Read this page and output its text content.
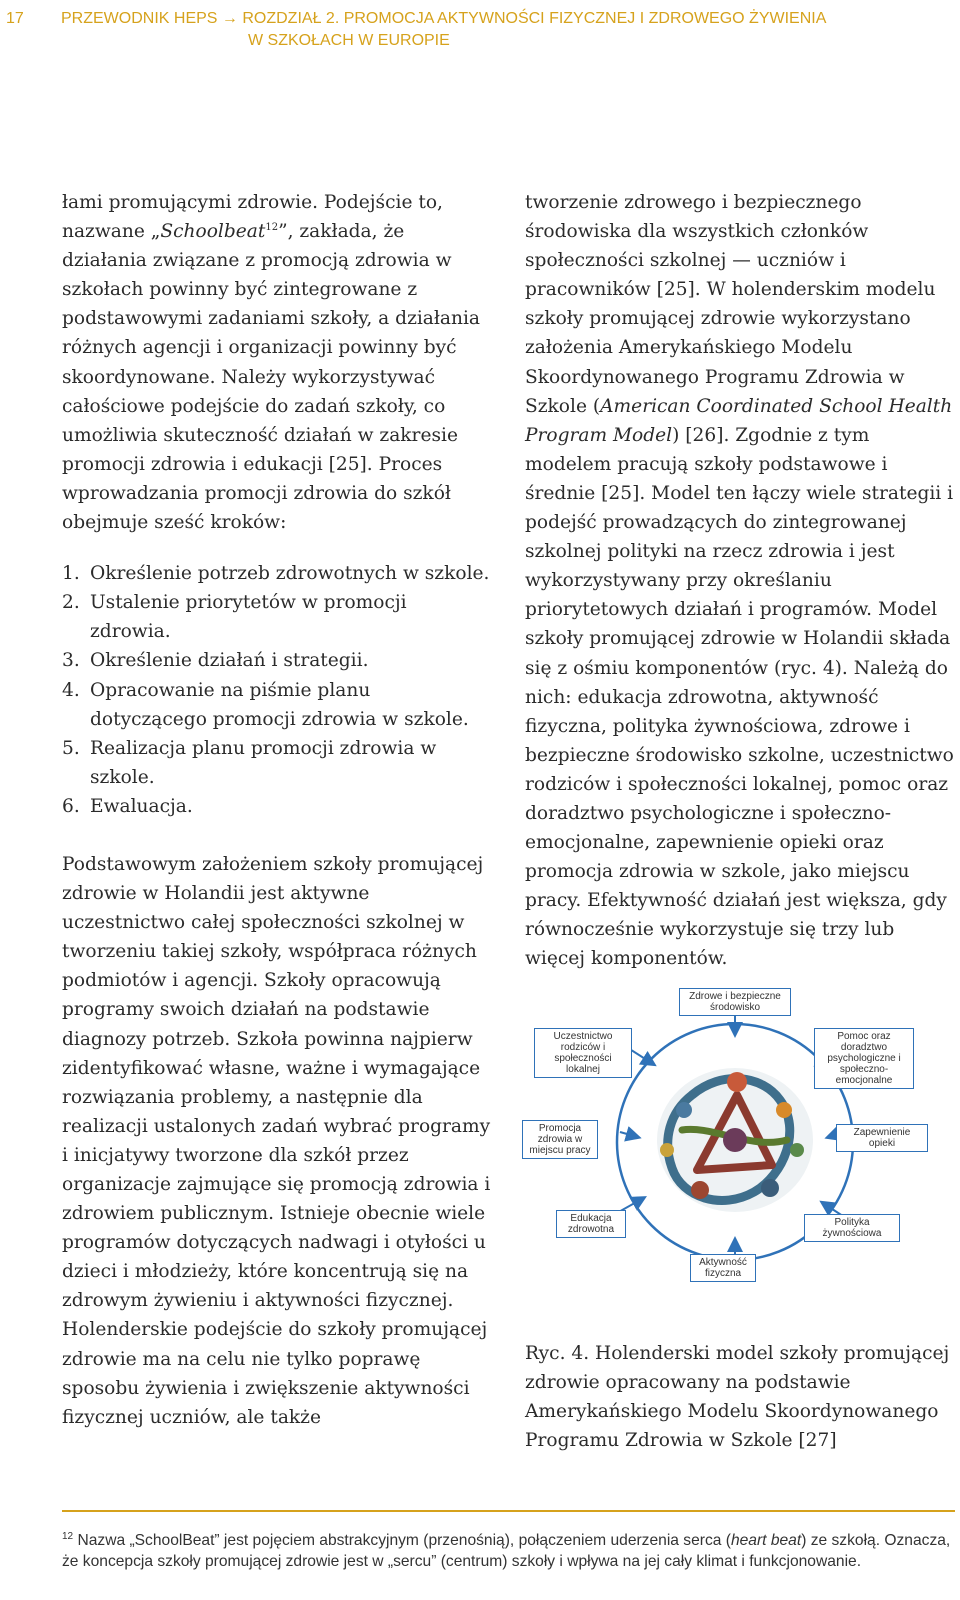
17 PRZEWODNIK HEPS → ROZDZIAŁ 2. PROMOCJA AKTYWNOŚCI FIZYCZNEJ I ZDROWEGO ŻYWIENIA
W SZKOŁACH W EUROPIE

łami promującymi zdrowie. Podejście to, nazwane „Schoolbeat$^{12}$”, zakłada, że działania związane z promocją zdrowia w szkołach powinny być zintegrowane z podstawowymi zadaniami szkoły, a działania różnych agencji i organizacji powinny być skoordynowane. Należy wykorzystywać całościowe podejście do zadań szkoły, co umożliwia skuteczność działań w zakresie promocji zdrowia i edukacji [25]. Proces wprowadzania promocji zdrowia do szkół obejmuje sześć kroków:

1. Określenie potrzeb zdrowotnych w szkole.
2. Ustalenie priorytetów w promocji zdrowia.
3. Określenie działań i strategii.
4. Opracowanie na piśmie planu dotyczącego promocji zdrowia w szkole.
5. Realizacja planu promocji zdrowia w szkole.
6. Ewaluacja.

Podstawowym założeniem szkoły promującej zdrowie w Holandii jest aktywne uczestnictwo całej społeczności szkolnej w tworzeniu takiej szkoły, współpraca różnych podmiotów i agencji. Szkoły opracowują programy swoich działań na podstawie diagnozy potrzeb. Szkoła powinna najpierw zidentyfikować własne, ważne i wymagające rozwiązania problemy, a następnie dla realizacji ustalonych zadań wybrać programy i inicjatywy tworzone dla szkół przez organizacje zajmujące się promocją zdrowia i zdrowiem publicznym. Istnieje obecnie wiele programów dotyczących nadwagi i otyłości u dzieci i młodzieży, które koncentrują się na zdrowym żywieniu i aktywności fizycznej. Holenderskie podejście do szkoły promującej zdrowie ma na celu nie tylko poprawę sposobu żywienia i zwiększenie aktywności fizycznej uczniów, ale także

tworzenie zdrowego i bezpiecznego środowiska dla wszystkich członków społeczności szkolnej — uczniów i pracowników [25]. W holenderskim modelu szkoły promującej zdrowie wykorzystano założenia Amerykańskiego Modelu Skoordynowanego Programu Zdrowia w Szkole (American Coordinated School Health Program Model) [26]. Zgodnie z tym modelem pracują szkoły podstawowe i średnie [25]. Model ten łączy wiele strategii i podejść prowadzących do zintegrowanej szkolnej polityki na rzecz zdrowia i jest wykorzystywany przy określaniu priorytetowych działań i programów. Model szkoły promującej zdrowie w Holandii składa się z ośmiu komponentów (ryc. 4). Należą do nich: edukacja zdrowotna, aktywność fizyczna, polityka żywnościowa, zdrowe i bezpieczne środowisko szkolne, uczestnictwo rodziców i społeczności lokalnej, pomoc oraz doradztwo psychologiczne i społeczno-emocjonalne, zapewnienie opieki oraz promocja zdrowia w szkole, jako miejscu pracy. Efektywność działań jest większa, gdy równocześnie wykorzystuje się trzy lub więcej komponentów.

Zdrowe i bezpieczne środowisko
Uczestnictwo rodziców i społeczności lokalnej
Pomoc oraz doradztwo psychologiczne i społeczno-emocjonalne
Promocja zdrowia w miejscu pracy
Zapewnienie opieki
Edukacja zdrowotna
Polityka żywnościowa
Aktywność fizyczna
Ryc. 4. Holenderski model szkoły promującej zdrowie opracowany na podstawie Amerykańskiego Modelu Skoordynowanego Programu Zdrowia w Szkole [27]
$^{12}$ Nazwa „SchoolBeat” jest pojęciem abstrakcyjnym (przenośnią), połączeniem uderzenia serca (heart beat) ze szkołą. Oznacza, że koncepcja szkoły promującej zdrowie jest w „sercu” (centrum) szkoły i wpływa na jej cały klimat i funkcjonowanie.
